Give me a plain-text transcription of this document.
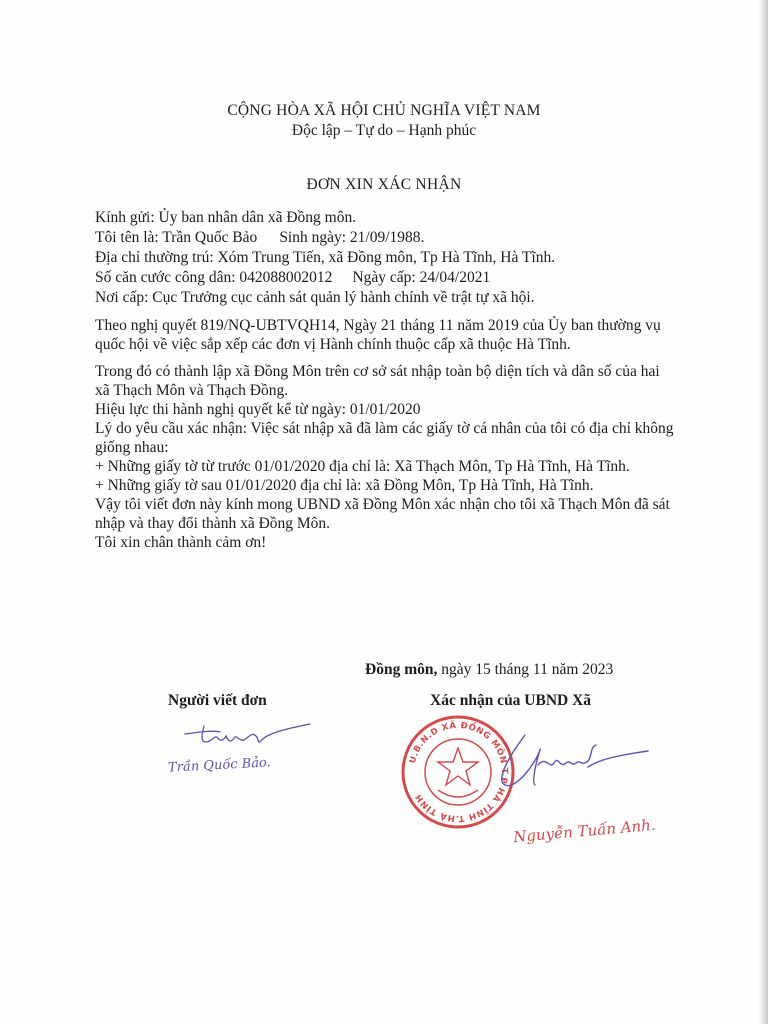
CỘNG HÒA XÃ HỘI CHỦ NGHĨA VIỆT NAM
Độc lập – Tự do – Hạnh phúc
ĐƠN XIN XÁC NHẬN
Kính gửi: Ủy ban nhân dân xã Đồng môn.
Tôi tên là: Trần Quốc Bảo Sinh ngày: 21/09/1988.
Địa chỉ thường trú: Xóm Trung Tiến, xã Đồng môn, Tp Hà Tĩnh, Hà Tĩnh.
Số căn cước công dân: 042088002012 Ngày cấp: 24/04/2021
Nơi cấp: Cục Trưởng cục cảnh sát quản lý hành chính về trật tự xã hội.
Theo nghị quyết 819/NQ-UBTVQH14, Ngày 21 tháng 11 năm 2019 của Ủy ban thường vụ quốc hội về việc sắp xếp các đơn vị Hành chính thuộc cấp xã thuộc Hà Tĩnh.
Trong đó có thành lập xã Đồng Môn trên cơ sở sát nhập toàn bộ diện tích và dân số của hai xã Thạch Môn và Thạch Đồng.
Hiệu lực thi hành nghị quyết kể từ ngày: 01/01/2020
Lý do yêu cầu xác nhận: Việc sát nhập xã đã làm các giấy tờ cá nhân của tôi có địa chỉ không giống nhau:
+ Những giấy tờ từ trước 01/01/2020 địa chỉ là: Xã Thạch Môn, Tp Hà Tĩnh, Hà Tĩnh.
+ Những giấy tờ sau 01/01/2020 địa chỉ là: xã Đồng Môn, Tp Hà Tĩnh, Hà Tĩnh.
Vậy tôi viết đơn này kính mong UBND xã Đồng Môn xác nhận cho tôi xã Thạch Môn đã sát nhập và thay đổi thành xã Đồng Môn.
Tôi xin chân thành cảm ơn!
Đồng môn, ngày 15 tháng 11 năm 2023
Người viết đơn	Xác nhận của UBND Xã
U.B.N.D XÃ ĐỒNG MÔN T.P HÀ TĨNH T.HÀ TĨNH
Trần Quốc Bảo.
Nguyễn Tuấn Anh.
